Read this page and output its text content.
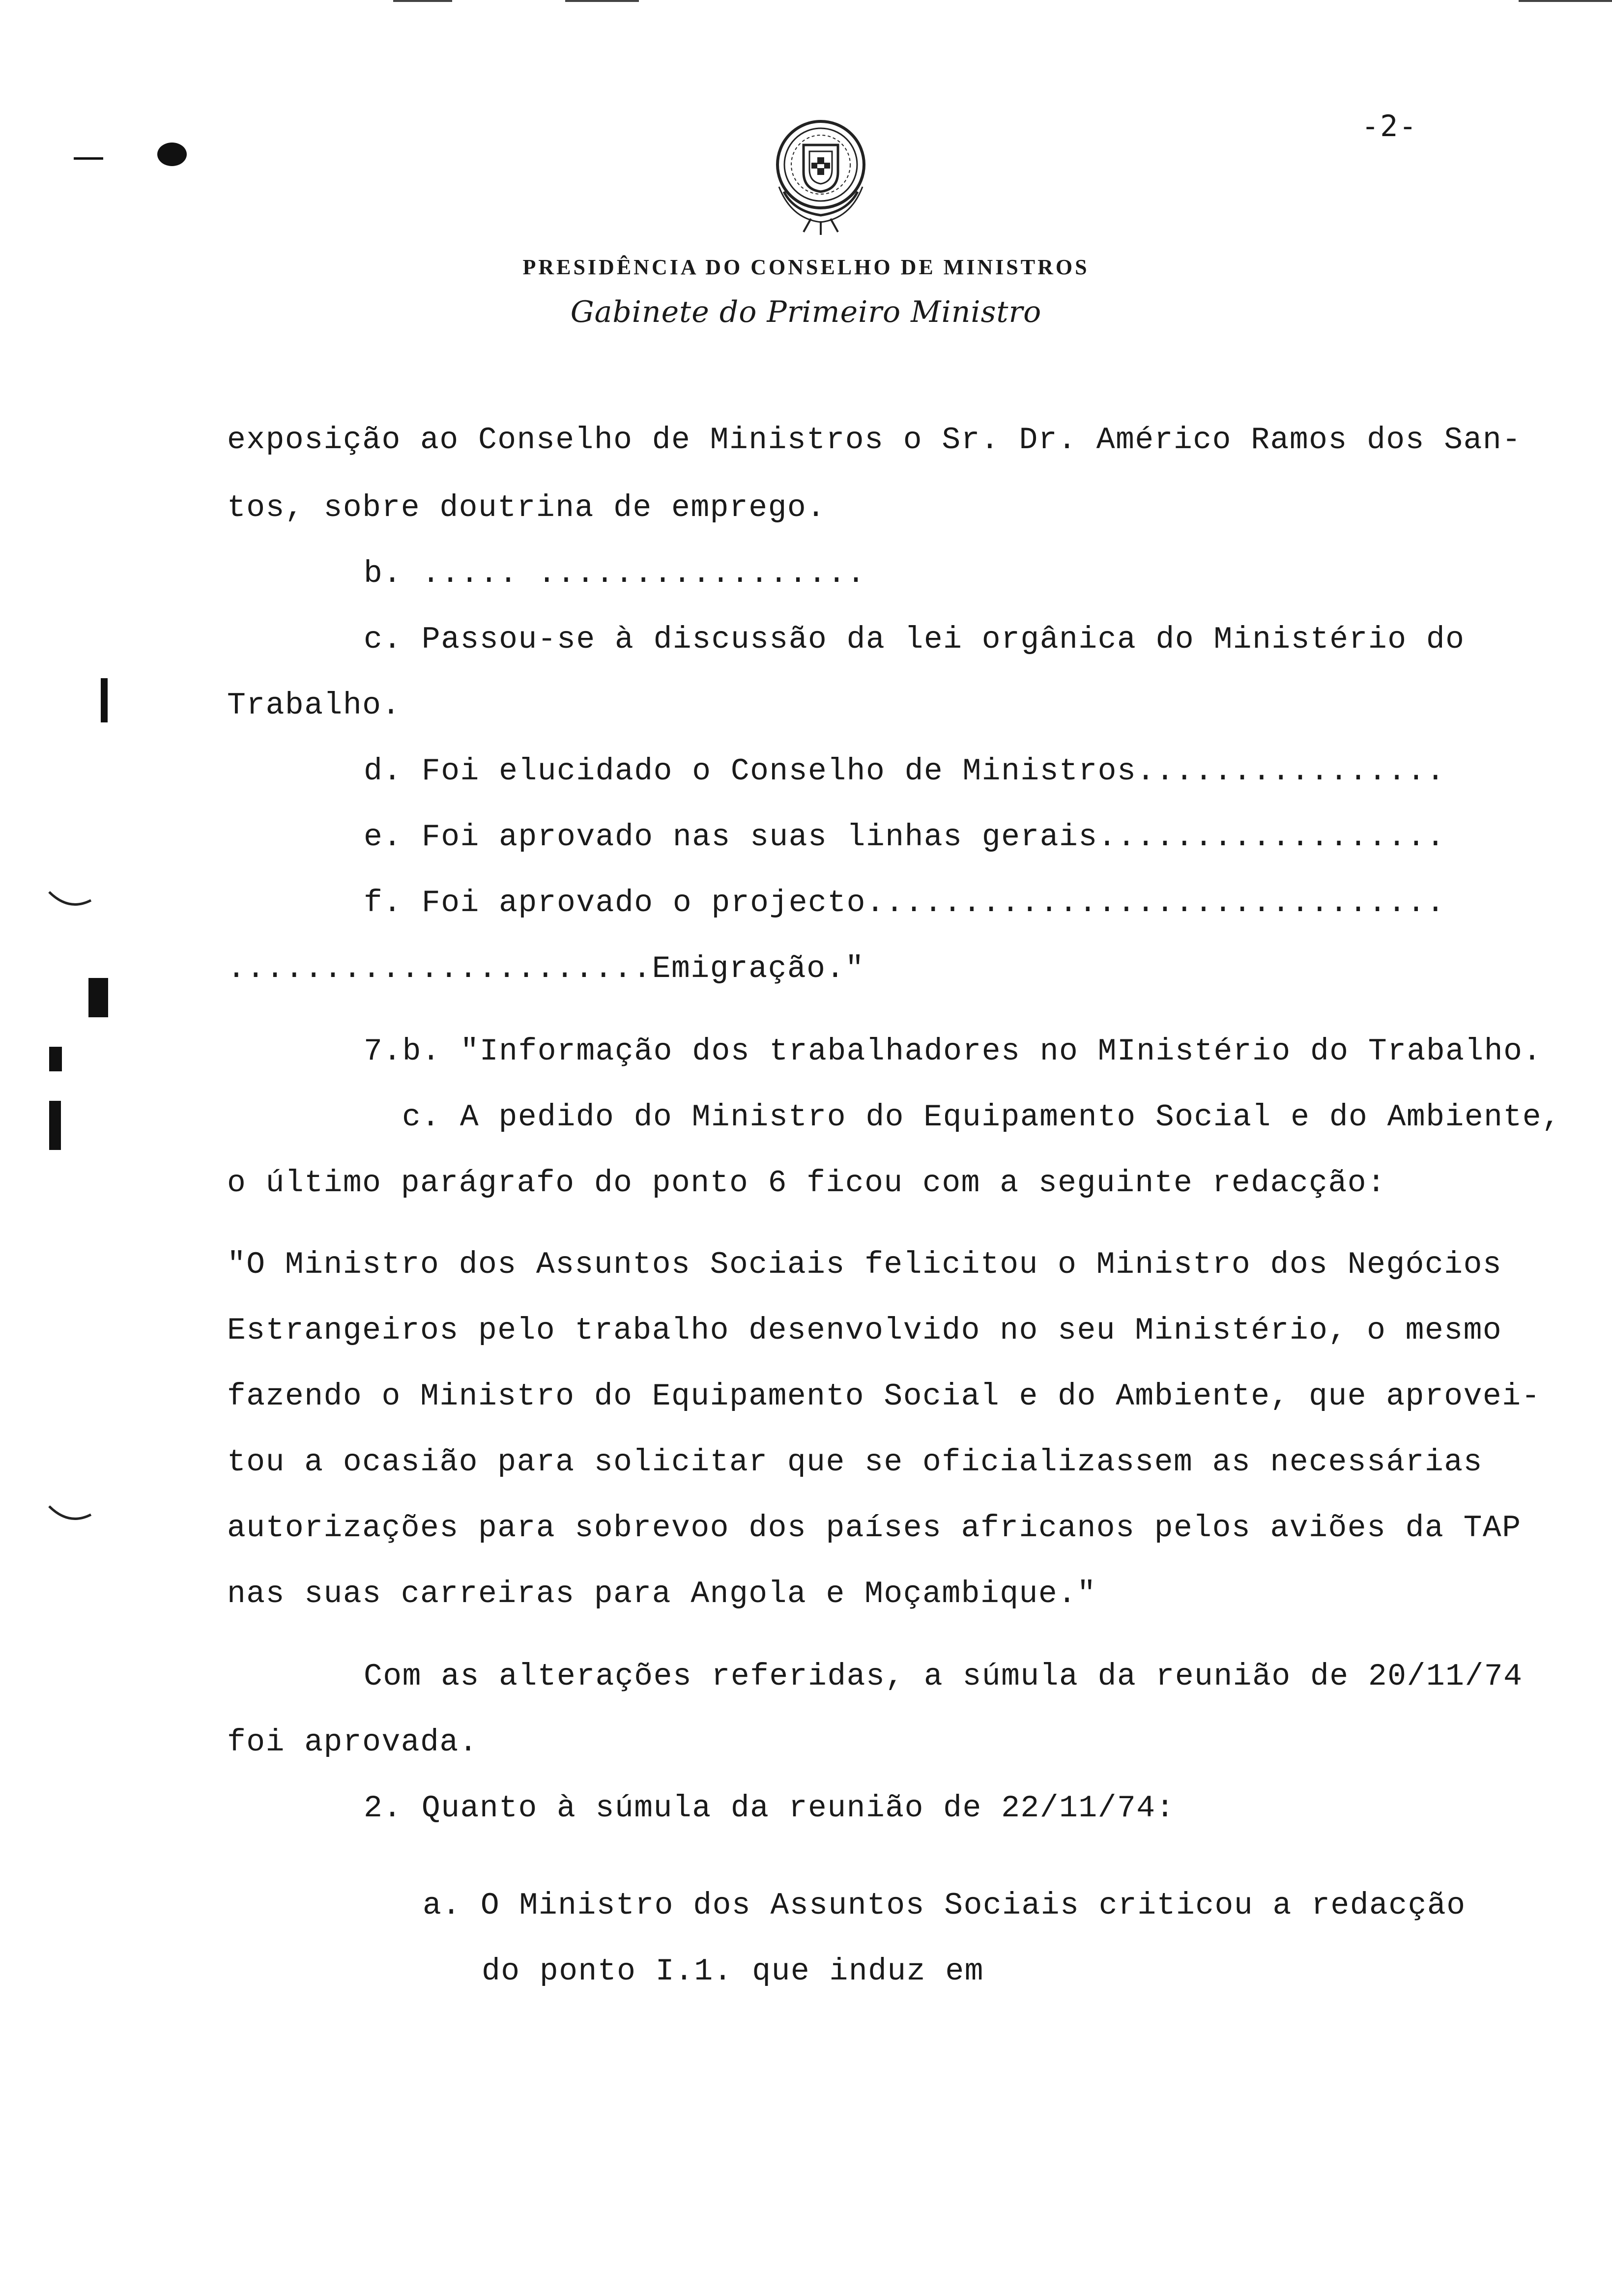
-2-
PRESIDÊNCIA DO CONSELHO DE MINISTROS
Gabinete do Primeiro Ministro

exposição ao Conselho de Ministros o Sr. Dr. Américo Ramos dos San-

tos, sobre doutrina de emprego.

b. ..... .................

c. Passou-se à discussão da lei orgânica do Ministério do

Trabalho.

d. Foi elucidado o Conselho de Ministros................

e. Foi aprovado nas suas linhas gerais..................

f. Foi aprovado o projecto..............................

......................Emigração."

7.b. "Informação dos trabalhadores no MInistério do Trabalho.

c. A pedido do Ministro do Equipamento Social e do Ambiente,

o último parágrafo do ponto 6 ficou com a seguinte redacção:

"O Ministro dos Assuntos Sociais felicitou o Ministro dos Negócios

Estrangeiros pelo trabalho desenvolvido no seu Ministério, o mesmo

fazendo o Ministro do Equipamento Social e do Ambiente, que aprovei-

tou a ocasião para solicitar que se oficializassem as necessárias

autorizações para sobrevoo dos países africanos pelos aviões da TAP

nas suas carreiras para Angola e Moçambique."

Com as alterações referidas, a súmula da reunião de 20/11/74

foi aprovada.

2. Quanto à súmula da reunião de 22/11/74:

a. O Ministro dos Assuntos Sociais criticou a redacção

do ponto I.1. que induz em
